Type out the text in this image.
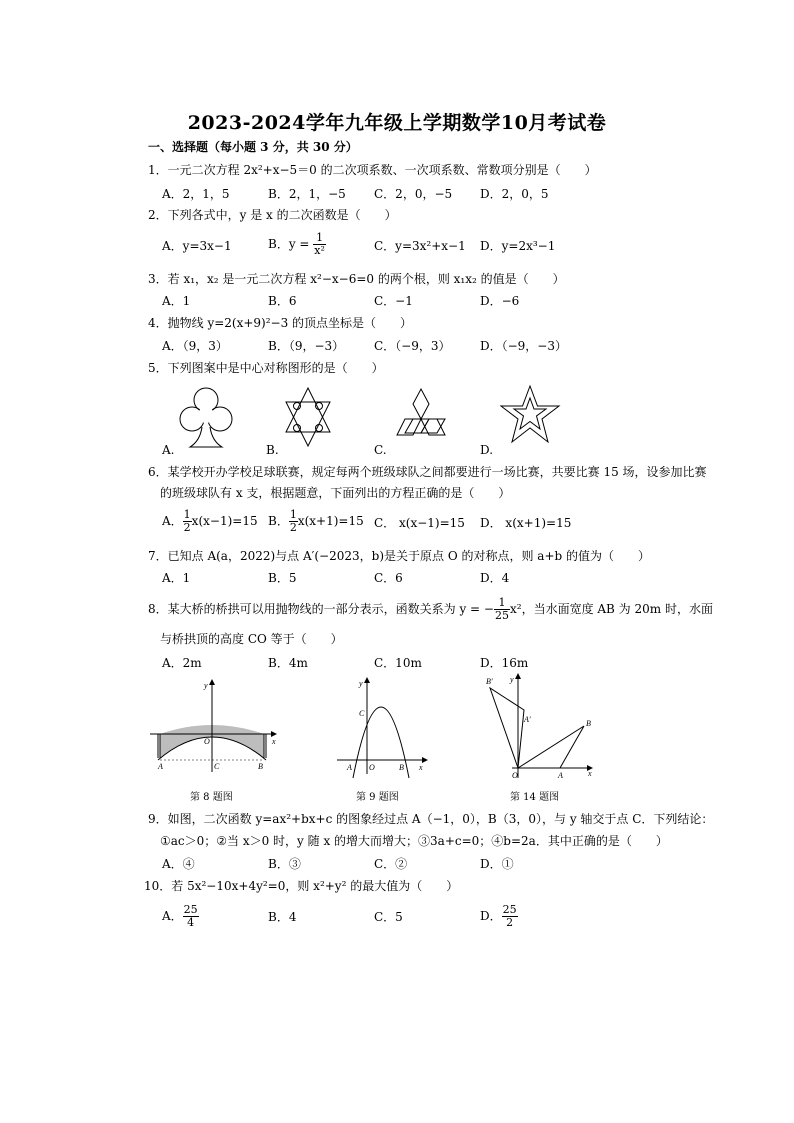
2023-2024学年九年级上学期数学10月考试卷
一、选择题（每小题 3 分，共 30 分）
1．一元二次方程 2x²+x−5＝0 的二次项系数、一次项系数、常数项分别是（　　）
A．2，1，5	B．2，1，−5 C．2，0，−5 D．2，0，5
2．下列各式中，y 是 x 的二次函数是（　　）
A．y=3x−1	B．$y = \frac{1}{\text{x²}}$	C．y=3x²+x−1 D．y=2x³−1
3．若 x₁，x₂ 是一元二次方程 x²−x−6=0 的两个根，则 x₁x₂ 的值是（　　）
A．1	B．6	C．−1	D．−6
4．抛物线 y=2(x+9)²−3 的顶点坐标是（　　）
A．（9，3）	B．（9，−3） C．（−9，3） D．（−9，−3）
5．下列图案中是中心对称图形的是（　　）
A.	B.	C.	D.
6．某学校开办学校足球联赛，规定每两个班级球队之间都要进行一场比赛，共要比赛 15 场，设参加比赛
的班级球队有 x 支，根据题意，下面列出的方程正确的是（　　）
A． $\frac{1}{2} x(x-1)=15$ B． $\frac{1}{2} x(x+1)=15$ C． x(x−1)=15 D． x(x+1)=15
7．已知点 A(a，2022)与点 A′(−2023，b)是关于原点 O 的对称点，则 a+b 的值为（　　）
A．1	B．5	C．6	D．4
8．某大桥的桥拱可以用抛物线的一部分表示，函数关系为 y = − $\frac{1}{25} x^2$，当水面宽度 AB 为 20m 时，水面
与桥拱顶的高度 CO 等于（　　）
A．2m	B．4m	C．10m	D．16m
y
O	x
A	C	B
第 8 题图
y
C
A O	B x
第 9 题图
B′ y
A′	B
O	A	x
第 14 题图
9．如图，二次函数 y=ax²+bx+c 的图象经过点 A（−1，0），B（3，0），与 y 轴交于点 C．下列结论：
①ac＞0；②当 x＞0 时，y 随 x 的增大而增大；③3a+c=0；④b=2a．其中正确的是（　　）
A．④	B．③	C．②	D．①
10．若 5x²−10x+4y²=0，则 x²+y² 的最大值为（　　）
A． $\frac{25}{4}$	B．4	C．5	D． $\frac{25}{2}$
